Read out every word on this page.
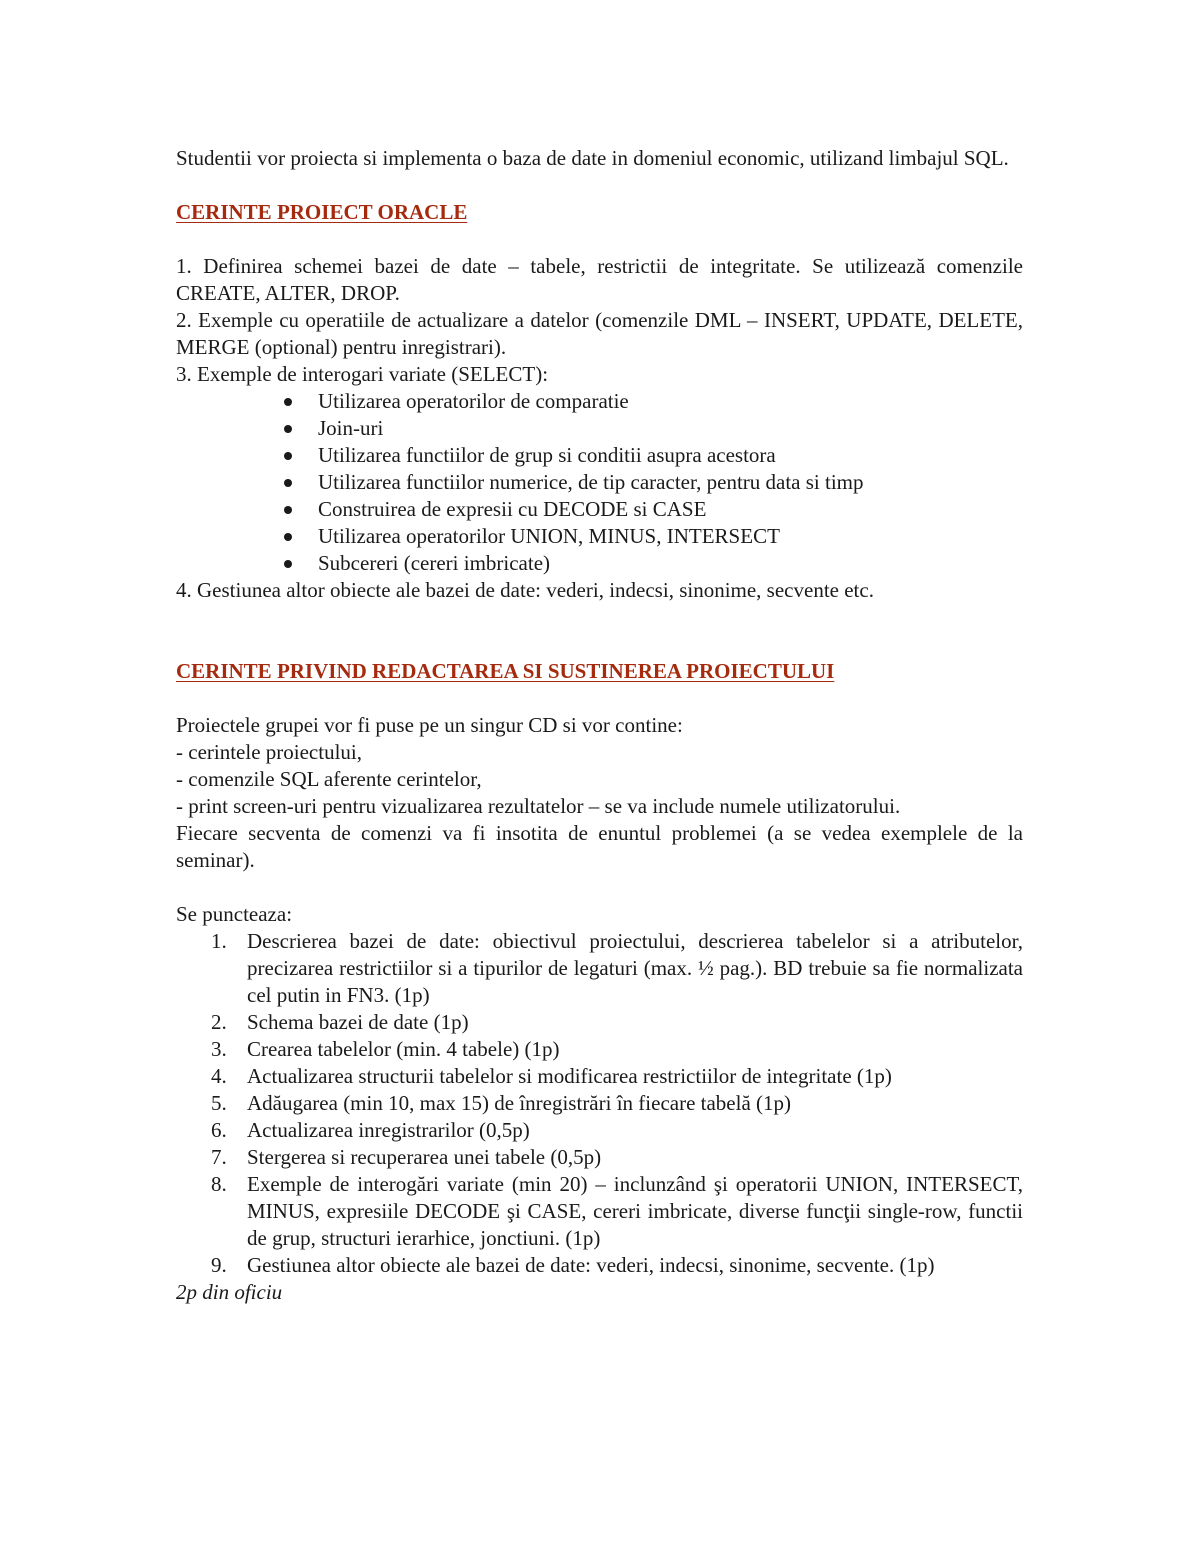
Studentii vor proiecta si implementa o baza de date in domeniul economic, utilizand limbajul SQL.

CERINTE PROIECT ORACLE

1. Definirea schemei bazei de date – tabele, restrictii de integritate. Se utilizează comenzile CREATE, ALTER, DROP.

2. Exemple cu operatiile de actualizare a datelor (comenzile DML – INSERT, UPDATE, DELETE, MERGE (optional) pentru inregistrari).

3. Exemple de interogari variate (SELECT):

Utilizarea operatorilor de comparatie
Join-uri
Utilizarea functiilor de grup si conditii asupra acestora
Utilizarea functiilor numerice, de tip caracter, pentru data si timp
Construirea de expresii cu DECODE si CASE
Utilizarea operatorilor UNION, MINUS, INTERSECT
Subcereri (cereri imbricate)

4. Gestiunea altor obiecte ale bazei de date: vederi, indecsi, sinonime, secvente etc.

CERINTE PRIVIND REDACTAREA SI SUSTINEREA PROIECTULUI

Proiectele grupei vor fi puse pe un singur CD si vor contine:

- cerintele proiectului,

- comenzile SQL aferente cerintelor,

- print screen-uri pentru vizualizarea rezultatelor – se va include numele utilizatorului.

Fiecare secventa de comenzi va fi insotita de enuntul problemei (a se vedea exemplele de la seminar).

Se puncteaza:

1. Descrierea bazei de date: obiectivul proiectului, descrierea tabelelor si a atributelor, precizarea restrictiilor si a tipurilor de legaturi (max. ½ pag.). BD trebuie sa fie normalizata cel putin in FN3. (1p)
2. Schema bazei de date (1p)
3. Crearea tabelelor (min. 4 tabele) (1p)
4. Actualizarea structurii tabelelor si modificarea restrictiilor de integritate (1p)
5. Adăugarea (min 10, max 15) de înregistrări în fiecare tabelă (1p)
6. Actualizarea inregistrarilor (0,5p)
7. Stergerea si recuperarea unei tabele (0,5p)
8. Exemple de interogări variate (min 20) – inclunzând şi operatorii UNION, INTERSECT, MINUS, expresiile DECODE şi CASE, cereri imbricate, diverse funcţii single-row, functii de grup, structuri ierarhice, jonctiuni. (1p)
9. Gestiunea altor obiecte ale bazei de date: vederi, indecsi, sinonime, secvente. (1p)

2p din oficiu
